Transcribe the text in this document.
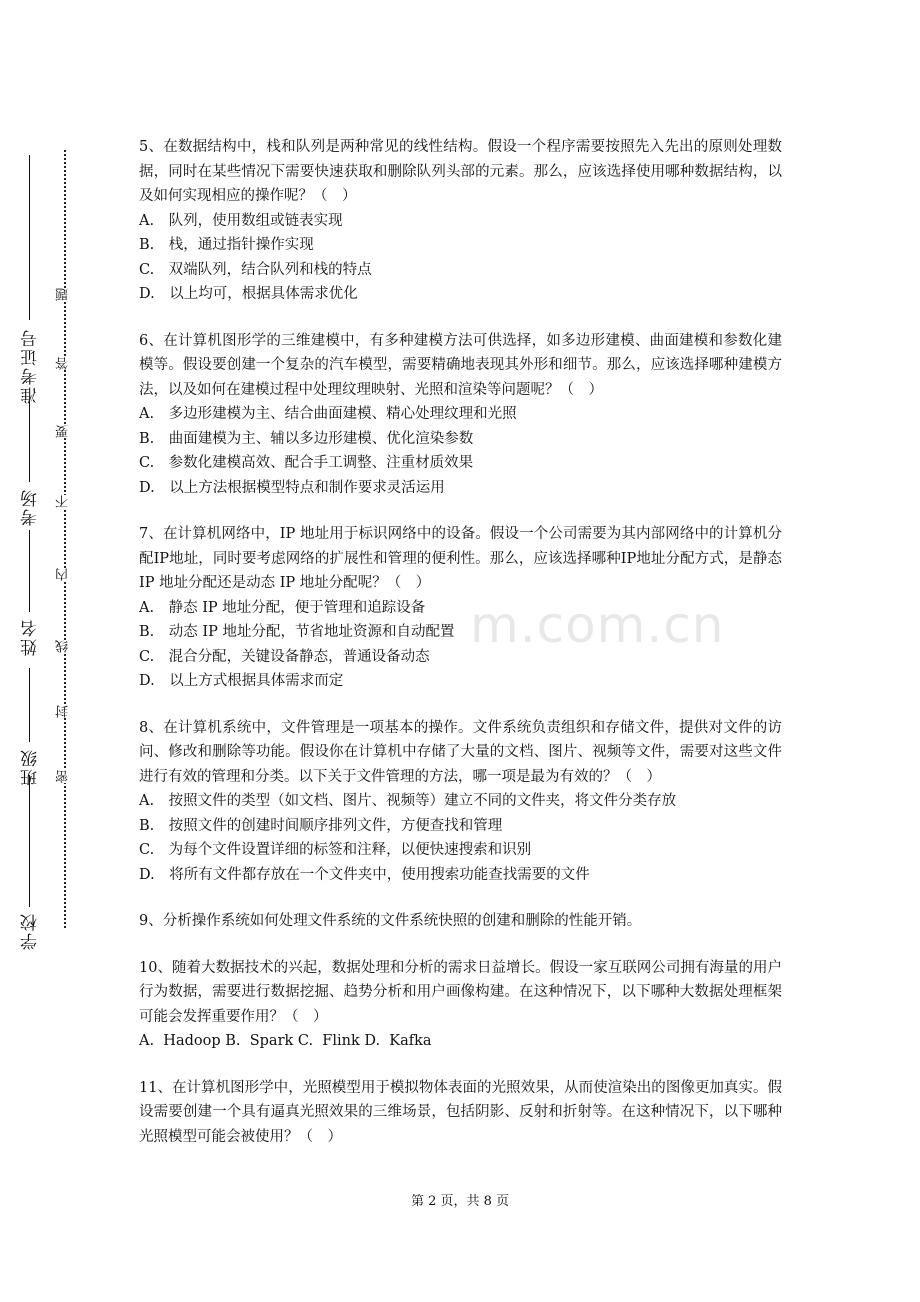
学校
班级
姓名
考场
准考证号
密
封
线
内
不
要
答
题
m.com.cn
5、在数据结构中，栈和队列是两种常见的线性结构。假设一个程序需要按照先入先出的原则处理数据，同时在某些情况下需要快速获取和删除队列头部的元素。那么，应该选择使用哪种数据结构，以及如何实现相应的操作呢？（　）
A.　队列，使用数组或链表实现
B.　栈，通过指针操作实现
C.　双端队列，结合队列和栈的特点
D.　以上均可，根据具体需求优化
6、在计算机图形学的三维建模中，有多种建模方法可供选择，如多边形建模、曲面建模和参数化建模等。假设要创建一个复杂的汽车模型，需要精确地表现其外形和细节。那么，应该选择哪种建模方法，以及如何在建模过程中处理纹理映射、光照和渲染等问题呢？（　）
A.　多边形建模为主、结合曲面建模、精心处理纹理和光照
B.　曲面建模为主、辅以多边形建模、优化渲染参数
C.　参数化建模高效、配合手工调整、注重材质效果
D.　以上方法根据模型特点和制作要求灵活运用
7、在计算机网络中，IP 地址用于标识网络中的设备。假设一个公司需要为其内部网络中的计算机分配IP地址，同时要考虑网络的扩展性和管理的便利性。那么，应该选择哪种IP地址分配方式，是静态 IP 地址分配还是动态 IP 地址分配呢？（　）
A.　静态 IP 地址分配，便于管理和追踪设备
B.　动态 IP 地址分配，节省地址资源和自动配置
C.　混合分配，关键设备静态，普通设备动态
D.　以上方式根据具体需求而定
8、在计算机系统中，文件管理是一项基本的操作。文件系统负责组织和存储文件，提供对文件的访问、修改和删除等功能。假设你在计算机中存储了大量的文档、图片、视频等文件，需要对这些文件进行有效的管理和分类。以下关于文件管理的方法，哪一项是最为有效的？（　）
A.　按照文件的类型（如文档、图片、视频等）建立不同的文件夹，将文件分类存放
B.　按照文件的创建时间顺序排列文件，方便查找和管理
C.　为每个文件设置详细的标签和注释，以便快速搜索和识别
D.　将所有文件都存放在一个文件夹中，使用搜索功能查找需要的文件
9、分析操作系统如何处理文件系统的文件系统快照的创建和删除的性能开销。
10、随着大数据技术的兴起，数据处理和分析的需求日益增长。假设一家互联网公司拥有海量的用户行为数据，需要进行数据挖掘、趋势分析和用户画像构建。在这种情况下，以下哪种大数据处理框架可能会发挥重要作用？（　）
A.  Hadoop B.  Spark C.  Flink D.  Kafka
11、在计算机图形学中，光照模型用于模拟物体表面的光照效果，从而使渲染出的图像更加真实。假设需要创建一个具有逼真光照效果的三维场景，包括阴影、反射和折射等。在这种情况下，以下哪种光照模型可能会被使用？（　）
第 2 页，共 8 页
